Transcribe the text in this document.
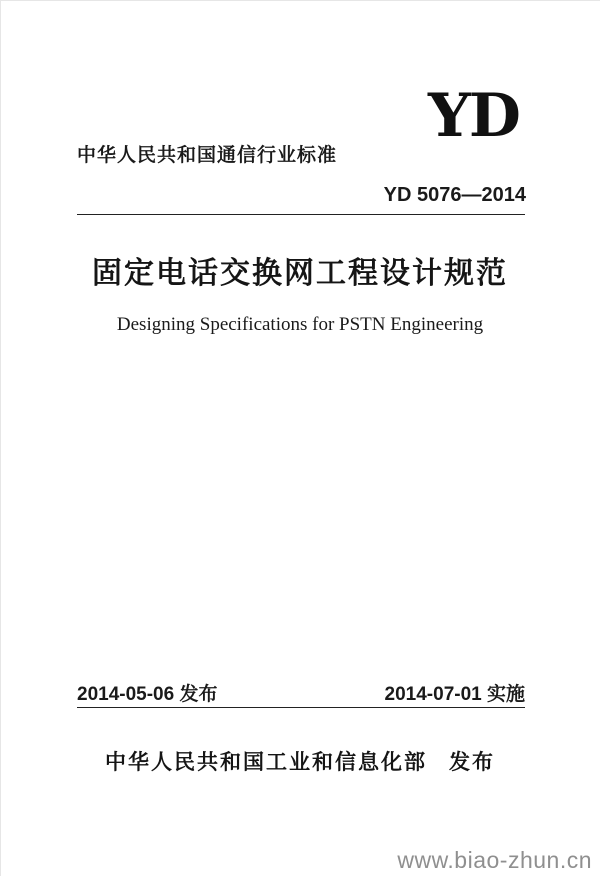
YD
中华人民共和国通信行业标准
YD 5076—2014
固定电话交换网工程设计规范
Designing Specifications for PSTN Engineering
2014-05-06 发布	2014-07-01 实施
中华人民共和国工业和信息化部 发布
www.biao-zhun.cn
